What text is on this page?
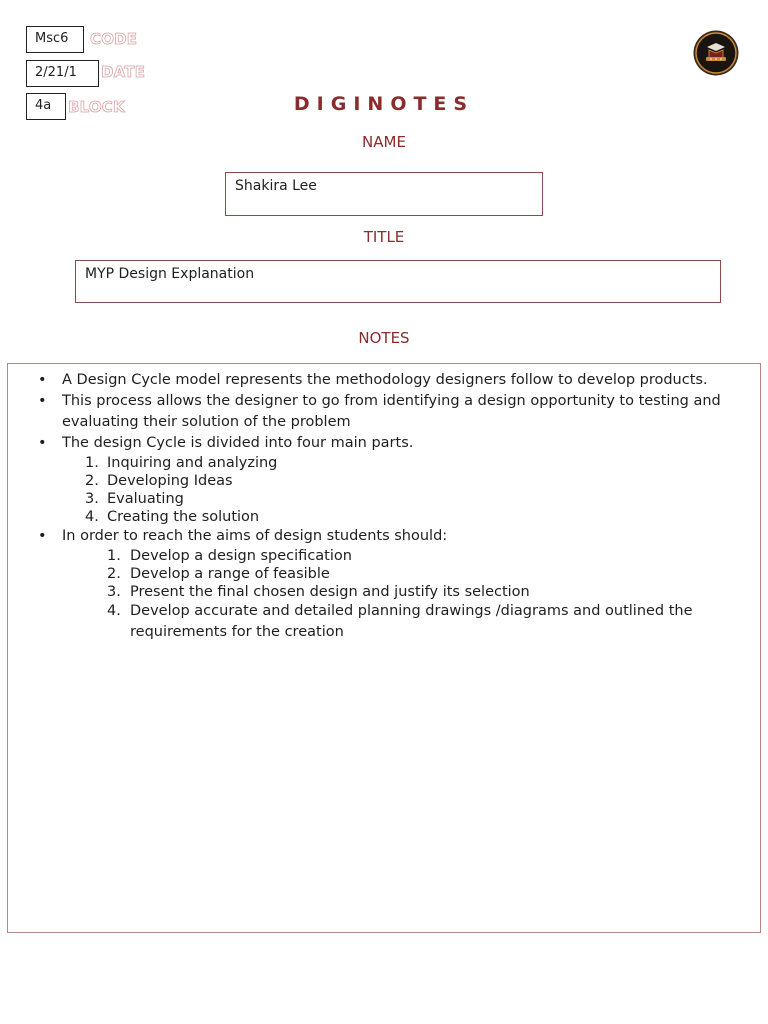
Msc6	CODE
2/21/1	DATE
4a	BLOCK	DIGINOTES
NAME
Shakira Lee
TITLE
MYP Design Explanation
NOTES
• A Design Cycle model represents the methodology designers follow to develop products.
• This process allows the designer to go from identifying a design opportunity to testing and evaluating their solution of the problem
• The design Cycle is divided into four main parts.
1. Inquiring and analyzing
2. Developing Ideas
3. Evaluating
4. Creating the solution
• In order to reach the aims of design students should:
1. Develop a design specification
2. Develop a range of feasible
3. Present the final chosen design and justify its selection
4. Develop accurate and detailed planning drawings /diagrams and outlined the requirements for the creation
